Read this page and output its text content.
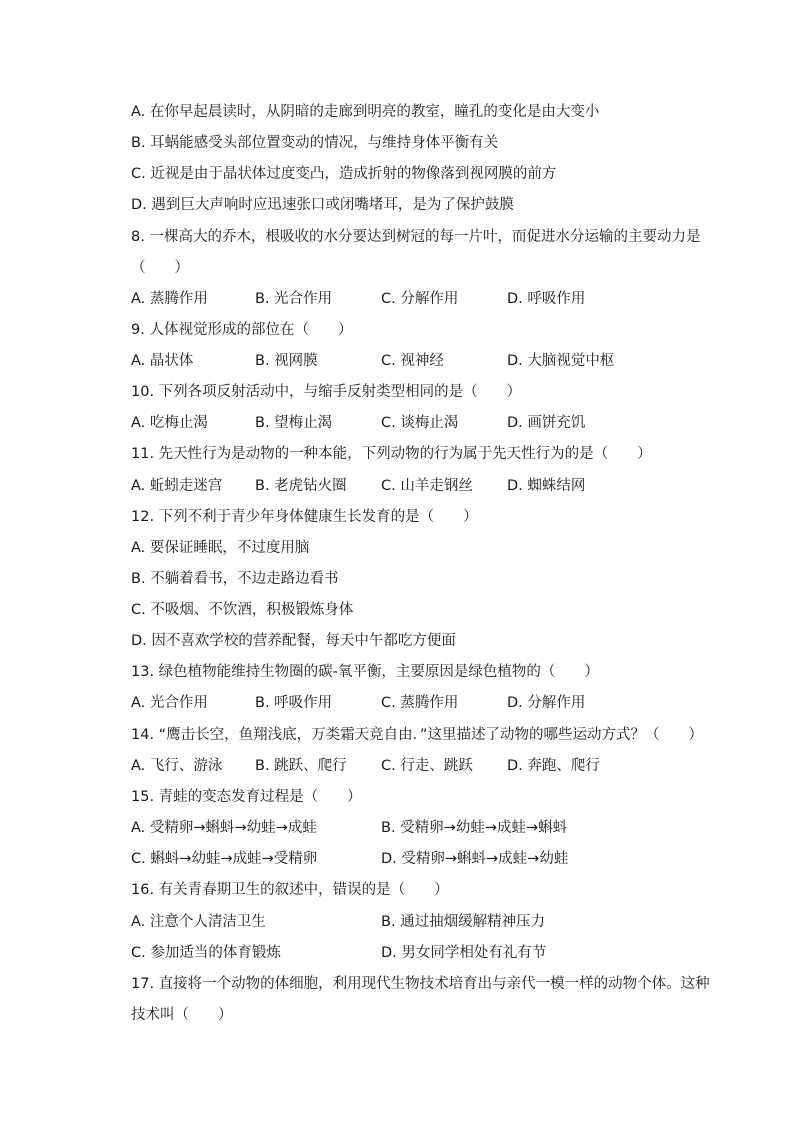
A. 在你早起晨读时，从阴暗的走廊到明亮的教室，瞳孔的变化是由大变小
B. 耳蜗能感受头部位置变动的情况，与维持身体平衡有关
C. 近视是由于晶状体过度变凸，造成折射的物像落到视网膜的前方
D. 遇到巨大声响时应迅速张口或闭嘴堵耳，是为了保护鼓膜
8. 一棵高大的乔木，根吸收的水分要达到树冠的每一片叶，而促进水分运输的主要动力是
（　　）
A. 蒸腾作用	B. 光合作用	C. 分解作用	D. 呼吸作用
9. 人体视觉形成的部位在（　　）
A. 晶状体	B. 视网膜	C. 视神经	D. 大脑视觉中枢
10. 下列各项反射活动中，与缩手反射类型相同的是（　　）
A. 吃梅止渴	B. 望梅止渴	C. 谈梅止渴	D. 画饼充饥
11. 先天性行为是动物的一种本能，下列动物的行为属于先天性行为的是（　　）
A. 蚯蚓走迷宫 B. 老虎钻火圈 C. 山羊走钢丝 D. 蜘蛛结网
12. 下列不利于青少年身体健康生长发育的是（　　）
A. 要保证睡眠，不过度用脑
B. 不躺着看书，不边走路边看书
C. 不吸烟、不饮酒，积极锻炼身体
D. 因不喜欢学校的营养配餐，每天中午都吃方便面
13. 绿色植物能维持生物圈的碳-氧平衡，主要原因是绿色植物的（　　）
A. 光合作用	B. 呼吸作用	C. 蒸腾作用	D. 分解作用
14. “鹰击长空，鱼翔浅底，万类霜天竞自由．”这里描述了动物的哪些运动方式？（　　）
A. 飞行、游泳 B. 跳跃、爬行 C. 行走、跳跃 D. 奔跑、爬行
15. 青蛙的变态发育过程是（　　）
A. 受精卵→蝌蚪→幼蛙→成蛙	B. 受精卵→幼蛙→成蛙→蝌蚪
C. 蝌蚪→幼蛙→成蛙→受精卵	D. 受精卵→蝌蚪→成蛙→幼蛙
16. 有关青春期卫生的叙述中，错误的是（　　）
A. 注意个人清洁卫生	B. 通过抽烟缓解精神压力
C. 参加适当的体育锻炼	D. 男女同学相处有礼有节
17. 直接将一个动物的体细胞，利用现代生物技术培育出与亲代一模一样的动物个体。这种
技术叫（　　）
